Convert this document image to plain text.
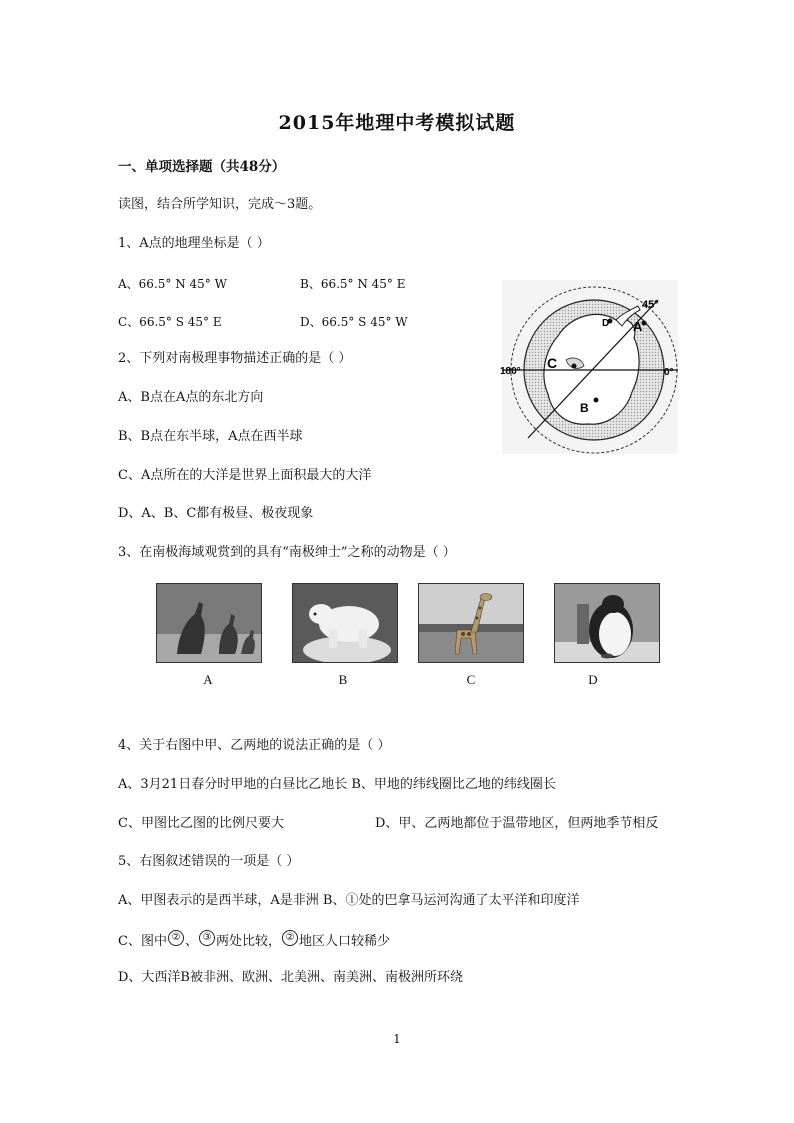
2015年地理中考模拟试题
一、单项选择题（共48分）
读图，结合所学知识，完成～3题。
1、A点的地理坐标是（ ）
A、66.5° N 45° W	B、66.5° N 45° E
C、66.5° S 45° E	D、66.5° S 45° W
2、下列对南极理事物描述正确的是（ ）
A、B点在A点的东北方向
B、B点在东半球，A点在西半球
C、A点所在的大洋是世界上面积最大的大洋
D、A、B、C都有极昼、极夜现象
45°
180°	0°
A
B
C
D
3、在南极海域观赏到的具有“南极绅士”之称的动物是（ ）
A	B	C	D
4、关于右图中甲、乙两地的说法正确的是（ ）
A、3月21日春分时甲地的白昼比乙地长 B、甲地的纬线圈比乙地的纬线圈长
C、甲图比乙图的比例尺要大	D、甲、乙两地都位于温带地区，但两地季节相反
5、右图叙述错误的一项是（ ）
A、甲图表示的是西半球，A是非洲 B、①处的巴拿马运河沟通了太平洋和印度洋
C、图中 ② 、 ③ 两处比较， ② 地区人口较稀少
D、大西洋B被非洲、欧洲、北美洲、南美洲、南极洲所环绕
1
